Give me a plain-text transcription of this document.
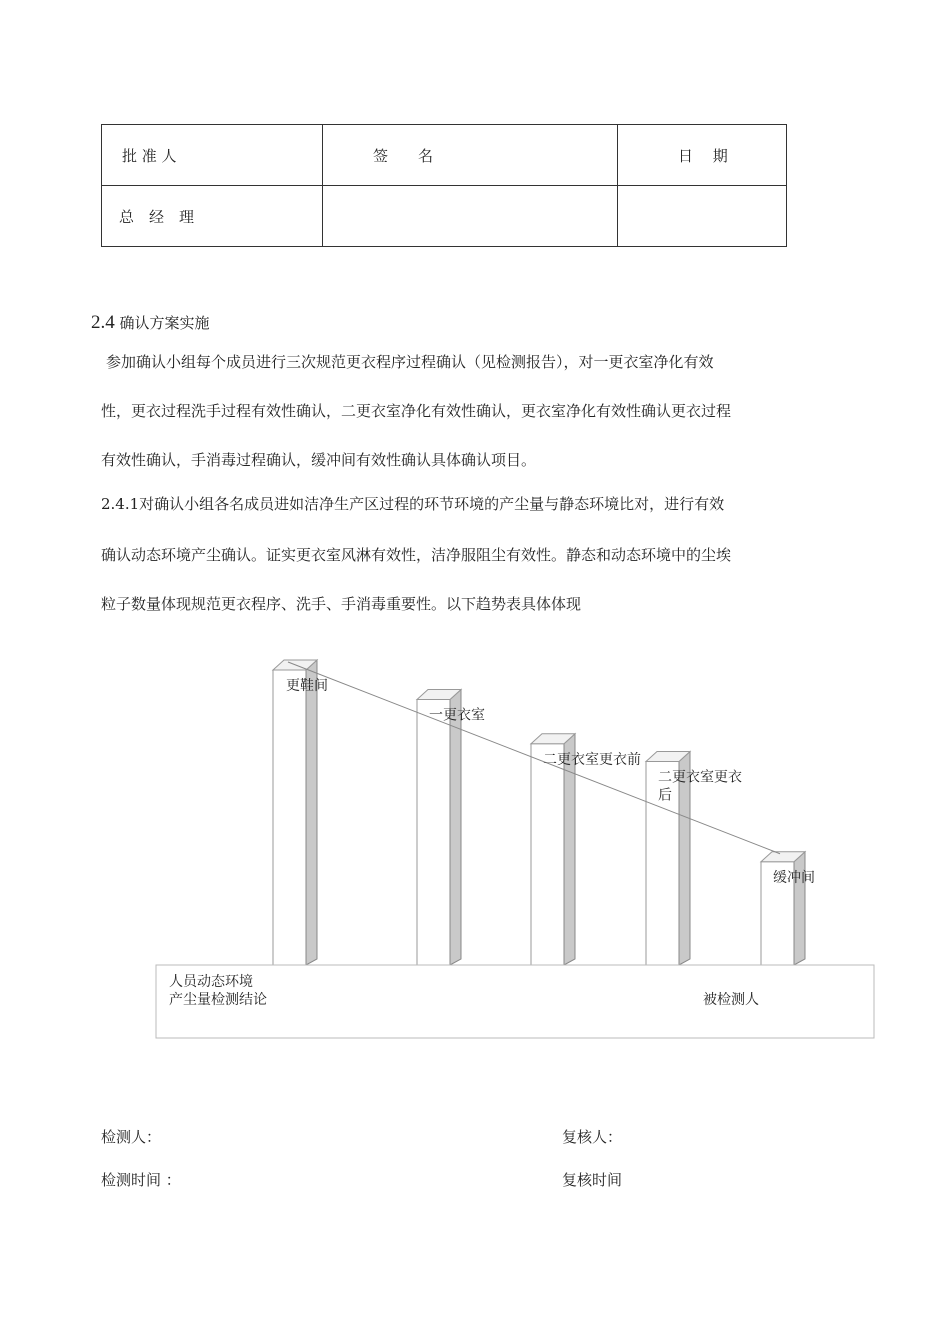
批 准 人	签　　名	日　 期
总　经　理		
2.4 确认方案实施
参加确认小组每个成员进行三次规范更衣程序过程确认（见检测报告），对一更衣室净化有效
性，更衣过程洗手过程有效性确认，二更衣室净化有效性确认，更衣室净化有效性确认更衣过程
有效性确认，手消毒过程确认，缓冲间有效性确认具体确认项目。
2.4.1对确认小组各名成员进如洁净生产区过程的环节环境的产尘量与静态环境比对，进行有效
确认动态环境产尘确认。证实更衣室风淋有效性，洁净服阻尘有效性。静态和动态环境中的尘埃
粒子数量体现规范更衣程序、洗手、手消毒重要性。以下趋势表具体体现
人员动态环境
产尘量检测结论	被检测人
更鞋间
一更衣室
二更衣室更衣前
二更衣室更衣
后
缓冲间
检测人：	复核人：
检测时间 ：	复核时间
